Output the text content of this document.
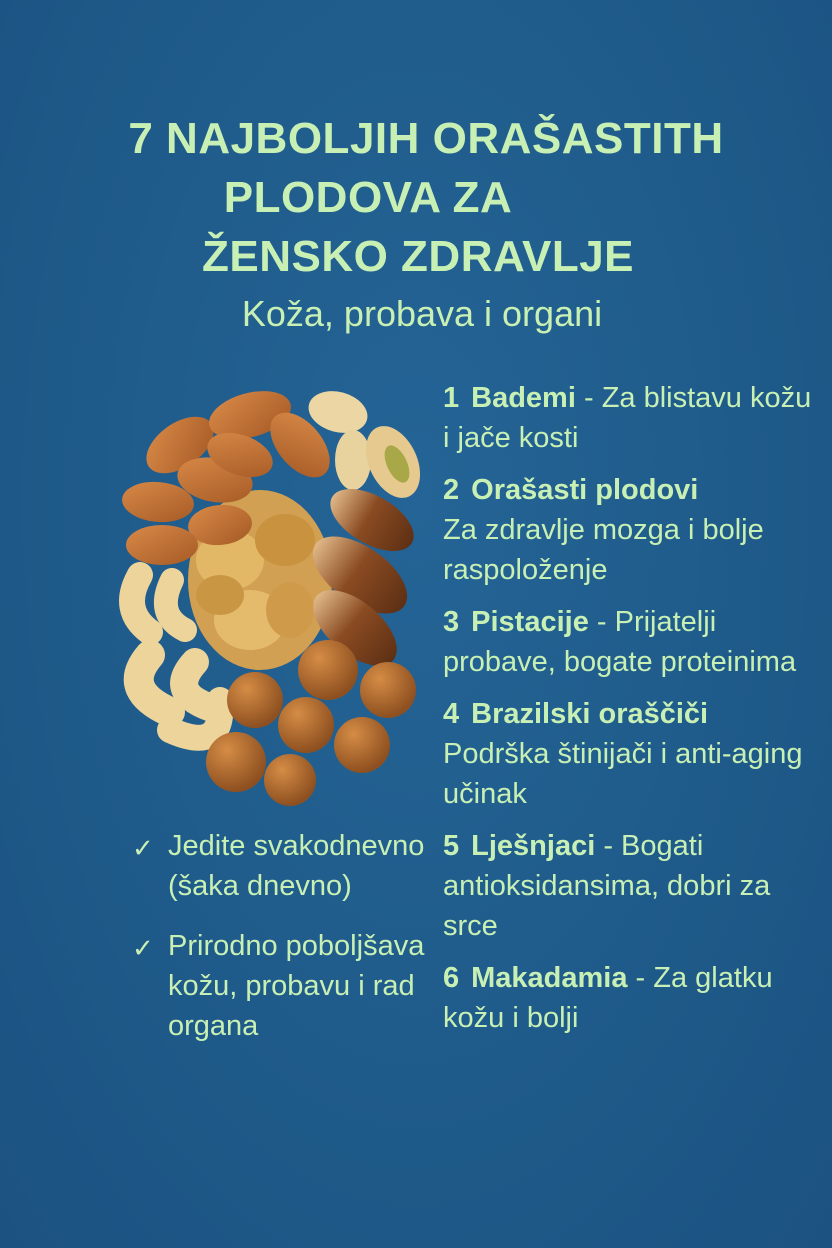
7 NAJBOLJIH ORAŠASTITH
PLODOVA ZA
ŽENSKO ZDRAVLJE
Koža, probava i organi
1 Bademi - Za blistavu kožu i jače kosti
2 Orašasti plodovi
Za zdravlje mozga i bolje raspoloženje
3 Pistacije - Prijatelji probave, bogate proteinima
4 Brazilski oraščiči
Podrška štinijači i anti-aging učinak
5 Lješnjaci - Bogati antioksidansima, dobri za srce
6 Makadamia - Za glatku kožu i bolji
✓ Jedite svakodnevno (šaka dnevno)
✓ Prirodno poboljšava kožu, probavu i rad organa
